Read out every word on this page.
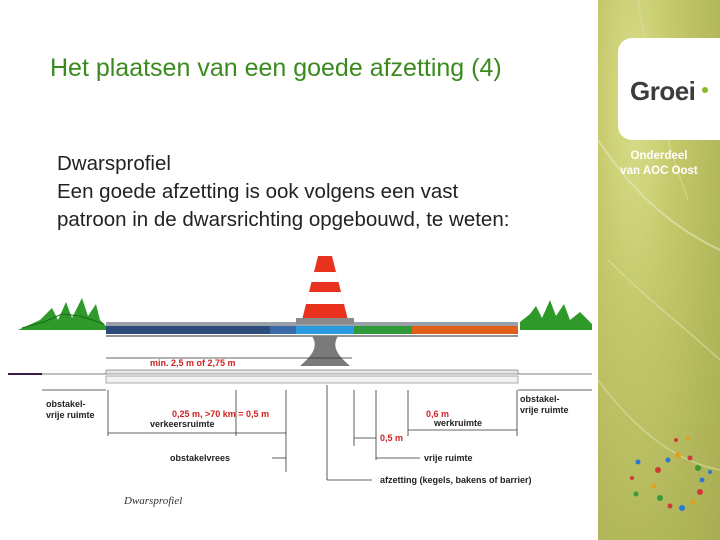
Het plaatsen van een goede afzetting (4)
Dwarsprofiel
Een goede afzetting is ook volgens een vast
patroon in de dwarsrichting opgebouwd, te weten:
Groei
Onderdeel
van AOC Oost
min. 2,5 m of 2,75 m
obstakel-
vrije ruimte	0,25 m, >70 km = 0,5 m
verkeersruimte
obstakelvrees
afzetting (kegels, bakens of barrier)
0,5 m
vrije ruimte
0,6 m
werkruimte
obstakel-
vrije ruimte
Dwarsprofiel
